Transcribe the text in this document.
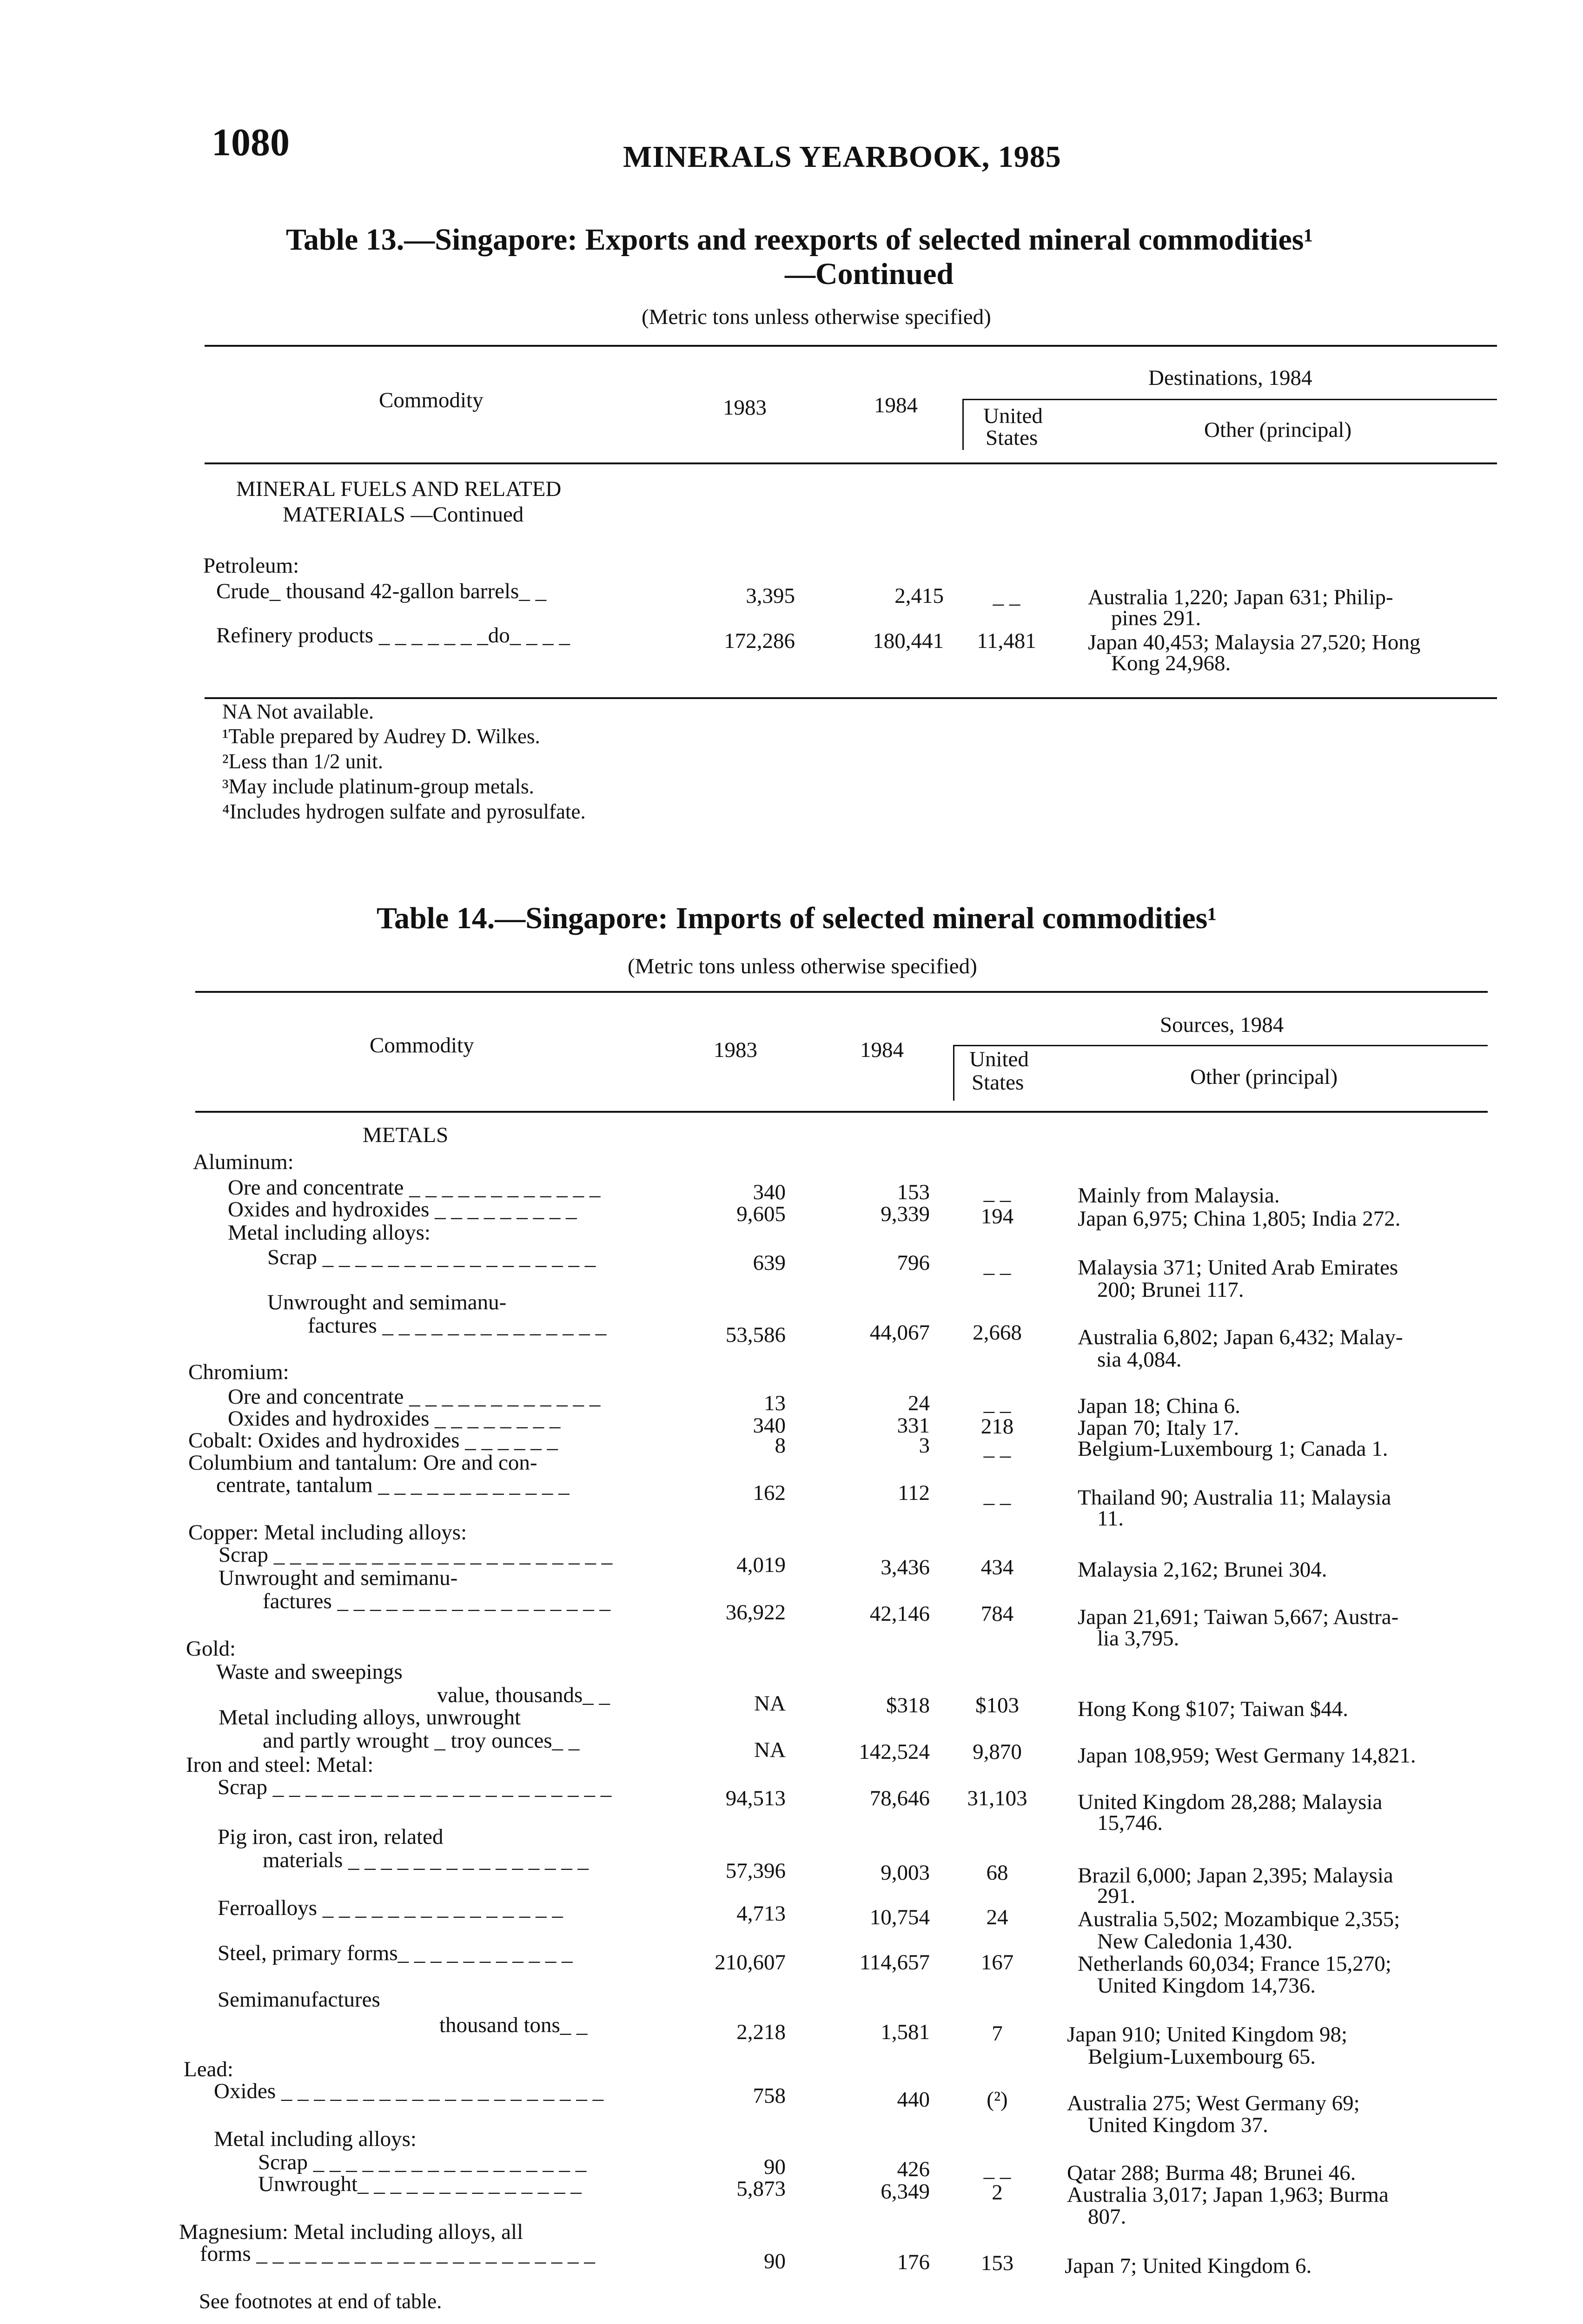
1080	MINERALS YEARBOOK, 1985
Table 13.—Singapore: Exports and reexports of selected mineral commodities¹
—Continued
(Metric tons unless otherwise specified)
Commodity	1983	1984
Destinations, 1984
United
States	Other (principal)
MINERAL FUELS AND RELATED
MATERIALS —Continued
Petroleum:
Crude_ thousand 42-gallon barrels_ _	3,395	2,415	_ _	Australia 1,220; Japan 631; Philip-
pines 291.
Refinery products _ _ _ _ _ _ _do_ _ _ _	172,286	180,441	11,481	Japan 40,453; Malaysia 27,520; Hong
Kong 24,968.
NA Not available.
¹Table prepared by Audrey D. Wilkes.
²Less than 1/2 unit.
³May include platinum-group metals.
⁴Includes hydrogen sulfate and pyrosulfate.
Table 14.—Singapore: Imports of selected mineral commodities¹
(Metric tons unless otherwise specified)
Commodity	1983	1984
Sources, 1984
United
States	Other (principal)
METALS
Aluminum:
Ore and concentrate _ _ _ _ _ _ _ _ _ _ _ _	340	153	_ _	Mainly from Malaysia.
Oxides and hydroxides _ _ _ _ _ _ _ _ _	9,605	9,339	194	Japan 6,975; China 1,805; India 272.
Metal including alloys:
Scrap _ _ _ _ _ _ _ _ _ _ _ _ _ _ _ _ _	639	796	_ _	Malaysia 371; United Arab Emirates
200; Brunei 117.
Unwrought and semimanu-
factures _ _ _ _ _ _ _ _ _ _ _ _ _ _	53,586	44,067	2,668	Australia 6,802; Japan 6,432; Malay-
sia 4,084.
Chromium:
Ore and concentrate _ _ _ _ _ _ _ _ _ _ _ _	13	24	_ _	Japan 18; China 6.
Oxides and hydroxides _ _ _ _ _ _ _ _	340	331	218	Japan 70; Italy 17.
Cobalt: Oxides and hydroxides _ _ _ _ _ _	8	3	_ _	Belgium-Luxembourg 1; Canada 1.
Columbium and tantalum: Ore and con-
centrate, tantalum _ _ _ _ _ _ _ _ _ _ _ _	162	112	_ _	Thailand 90; Australia 11; Malaysia
11.
Copper: Metal including alloys:
Scrap _ _ _ _ _ _ _ _ _ _ _ _ _ _ _ _ _ _ _ _ _	4,019	3,436	434	Malaysia 2,162; Brunei 304.
Unwrought and semimanu-
factures _ _ _ _ _ _ _ _ _ _ _ _ _ _ _ _ _	36,922	42,146	784	Japan 21,691; Taiwan 5,667; Austra-
lia 3,795.
Gold:
Waste and sweepings
value, thousands_ _	NA	$318	$103	Hong Kong $107; Taiwan $44.
Metal including alloys, unwrought
and partly wrought _ troy ounces_ _	NA	142,524	9,870	Japan 108,959; West Germany 14,821.
Iron and steel: Metal:
Scrap _ _ _ _ _ _ _ _ _ _ _ _ _ _ _ _ _ _ _ _ _	94,513	78,646	31,103	United Kingdom 28,288; Malaysia
15,746.
Pig iron, cast iron, related
materials _ _ _ _ _ _ _ _ _ _ _ _ _ _ _	57,396	9,003	68	Brazil 6,000; Japan 2,395; Malaysia
291.
Ferroalloys _ _ _ _ _ _ _ _ _ _ _ _ _ _ _	4,713	10,754	24	Australia 5,502; Mozambique 2,355;
New Caledonia 1,430.
Steel, primary forms_ _ _ _ _ _ _ _ _ _ _	210,607	114,657	167	Netherlands 60,034; France 15,270;
United Kingdom 14,736.
Semimanufactures
thousand tons_ _	2,218	1,581	7	Japan 910; United Kingdom 98;
Belgium-Luxembourg 65.
Lead:
Oxides _ _ _ _ _ _ _ _ _ _ _ _ _ _ _ _ _ _ _ _	758	440	(²)	Australia 275; West Germany 69;
United Kingdom 37.
Metal including alloys:
Scrap _ _ _ _ _ _ _ _ _ _ _ _ _ _ _ _ _	90	426	_ _	Qatar 288; Burma 48; Brunei 46.
Unwrought_ _ _ _ _ _ _ _ _ _ _ _ _ _	5,873	6,349	2	Australia 3,017; Japan 1,963; Burma
807.
Magnesium: Metal including alloys, all
forms _ _ _ _ _ _ _ _ _ _ _ _ _ _ _ _ _ _ _ _ _	90	176	153	Japan 7; United Kingdom 6.
See footnotes at end of table.
